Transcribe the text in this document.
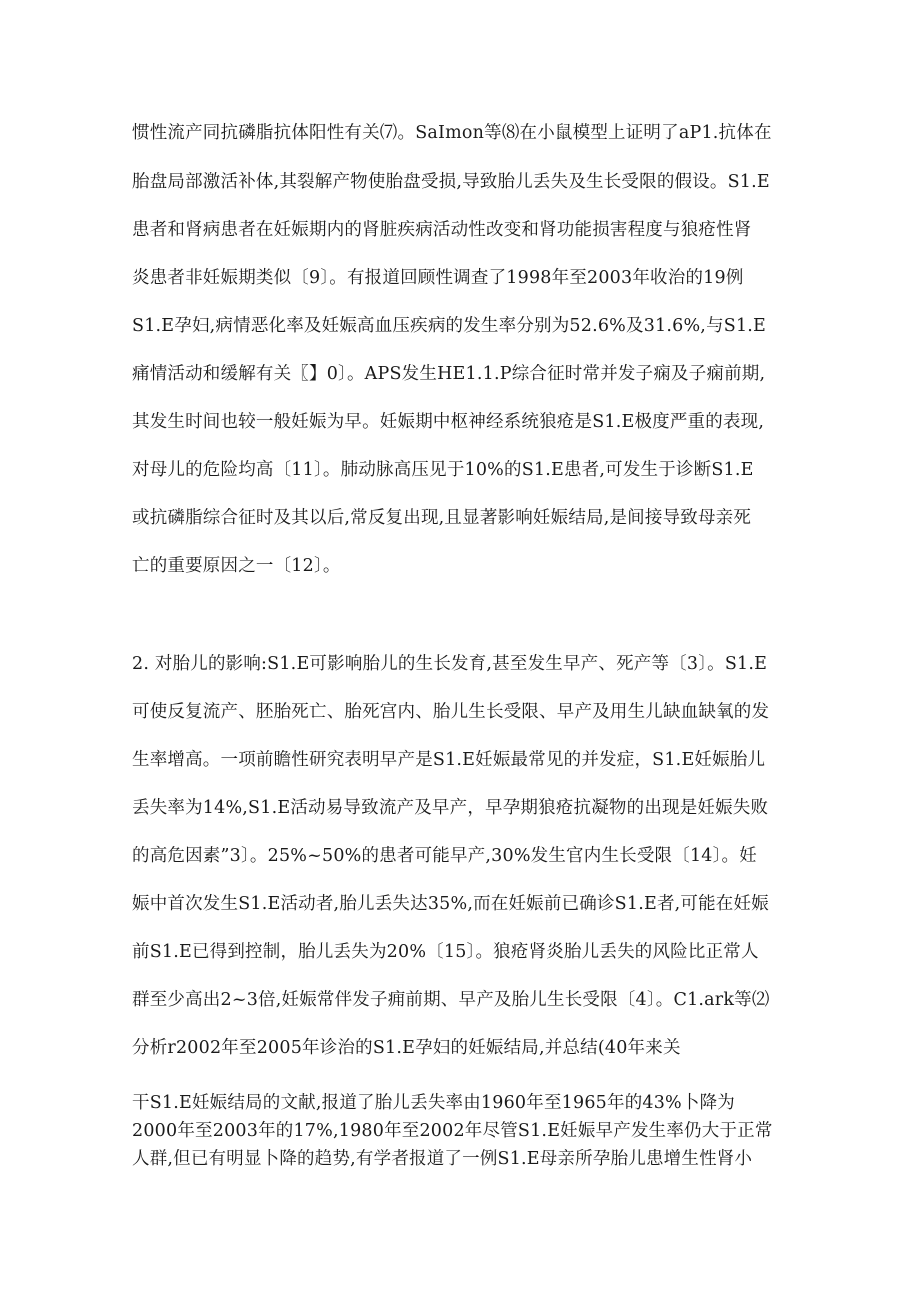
惯性流产同抗磷脂抗体阳性有关⑺。SaImon等⑻在小鼠模型上证明了aP1.抗体在
胎盘局部激活补体,其裂解产物使胎盘受损,导致胎儿丢失及生长受限的假设。S1.E
患者和肾病患者在妊娠期内的肾脏疾病活动性改变和肾功能损害程度与狼疮性肾
炎患者非妊娠期类似〔9〕。有报道回顾性调查了1998年至2003年收治的19例
S1.E孕妇,病情恶化率及妊娠高血压疾病的发生率分别为52.6%及31.6%,与S1.E
痛情活动和缓解有关〖】0〕。APS发生HE1.1.P综合征时常并发子痫及子痫前期,
其发生时间也较一般妊娠为早。妊娠期中枢神经系统狼疮是S1.E极度严重的表现,
对母儿的危险均高〔11〕。肺动脉高压见于10%的S1.E患者,可发生于诊断S1.E
或抗磷脂综合征时及其以后,常反复出现,且显著影响妊娠结局,是间接导致母亲死
亡的重要原因之一〔12〕。
2. 对胎儿的影响:S1.E可影响胎儿的生长发育,甚至发生早产、死产等〔3〕。S1.E
可使反复流产、胚胎死亡、胎死宫内、胎儿生长受限、早产及用生儿缺血缺氧的发
生率增高。一项前瞻性研究表明早产是S1.E妊娠最常见的并发症，S1.E妊娠胎儿
丢失率为14%,S1.E活动易导致流产及早产，早孕期狼疮抗凝物的出现是妊娠失败
的高危因素”3〕。25%~50%的患者可能早产,30%发生官内生长受限〔14〕。妊
娠中首次发生S1.E活动者,胎儿丢失达35%,而在妊娠前已确诊S1.E者,可能在妊娠
前S1.E已得到控制，胎儿丢失为20%〔15〕。狼疮肾炎胎儿丢失的风险比正常人
群至少高出2~3倍,妊娠常伴发子痈前期、早产及胎儿生长受限〔4〕。C1.ark等⑵
分析r2002年至2005年诊治的S1.E孕妇的妊娠结局,并总结(40年来关
干S1.E妊娠结局的文献,报道了胎儿丢失率由1960年至1965年的43%卜降为
2000年至2003年的17%,1980年至2002年尽管S1.E妊娠早产发生率仍大于正常
人群,但已有明显卜降的趋势,有学者报道了一例S1.E母亲所孕胎儿患增生性肾小
